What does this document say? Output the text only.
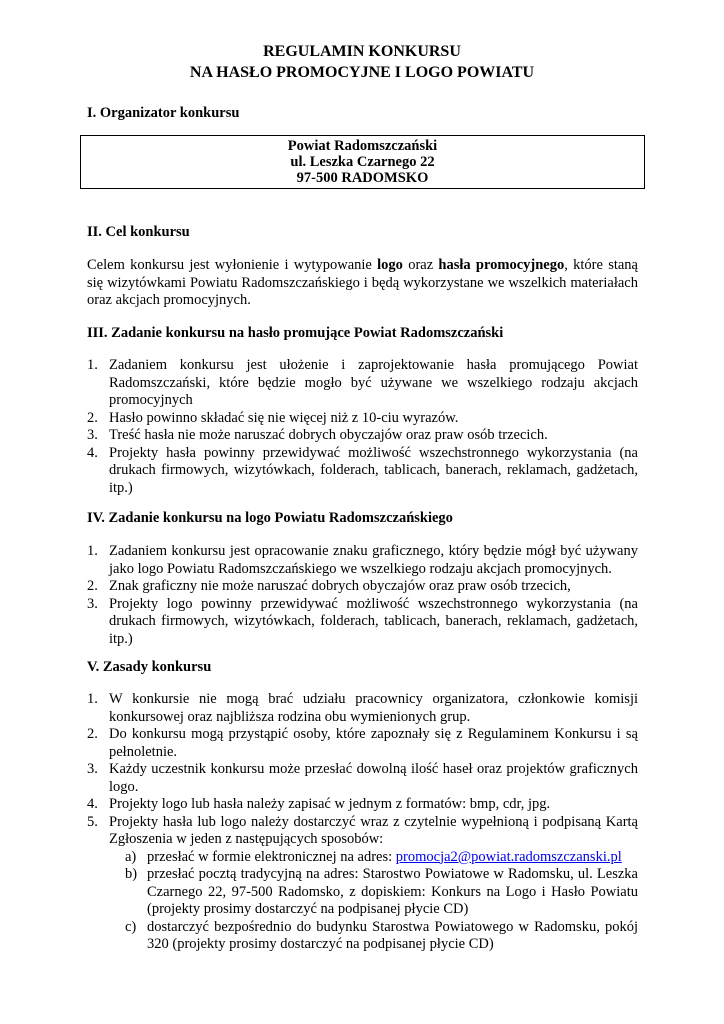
REGULAMIN KONKURSU
NA HASŁO PROMOCYJNE I LOGO POWIATU
I. Organizator konkursu
Powiat Radomszczański
ul. Leszka Czarnego 22
97-500 RADOMSKO
II. Cel konkursu
Celem konkursu jest wyłonienie i wytypowanie logo oraz hasła promocyjnego, które staną się wizytówkami Powiatu Radomszczańskiego i będą wykorzystane we wszelkich materiałach oraz akcjach promocyjnych.
III. Zadanie konkursu na hasło promujące Powiat Radomszczański
1. Zadaniem konkursu jest ułożenie i zaprojektowanie hasła promującego Powiat Radomszczański, które będzie mogło być używane we wszelkiego rodzaju akcjach promocyjnych
2. Hasło powinno składać się nie więcej niż z 10-ciu wyrazów.
3. Treść hasła nie może naruszać dobrych obyczajów oraz praw osób trzecich.
4. Projekty hasła powinny przewidywać możliwość wszechstronnego wykorzystania (na drukach firmowych, wizytówkach, folderach, tablicach, banerach, reklamach, gadżetach, itp.)
IV. Zadanie konkursu na logo Powiatu Radomszczańskiego
1. Zadaniem konkursu jest opracowanie znaku graficznego, który będzie mógł być używany jako logo Powiatu Radomszczańskiego we wszelkiego rodzaju akcjach promocyjnych.
2. Znak graficzny nie może naruszać dobrych obyczajów oraz praw osób trzecich,
3. Projekty logo powinny przewidywać możliwość wszechstronnego wykorzystania (na drukach firmowych, wizytówkach, folderach, tablicach, banerach, reklamach, gadżetach, itp.)
V. Zasady konkursu
1. W konkursie nie mogą brać udziału pracownicy organizatora, członkowie komisji konkursowej oraz najbliższa rodzina obu wymienionych grup.
2. Do konkursu mogą przystąpić osoby, które zapoznały się z Regulaminem Konkursu i są pełnoletnie.
3. Każdy uczestnik konkursu może przesłać dowolną ilość haseł oraz projektów graficznych logo.
4. Projekty logo lub hasła należy zapisać w jednym z formatów: bmp, cdr, jpg.
5. Projekty hasła lub logo należy dostarczyć wraz z czytelnie wypełnioną i podpisaną Kartą Zgłoszenia w jeden z następujących sposobów:
a) przesłać w formie elektronicznej na adres: promocja2@powiat.radomszczanski.pl
b) przesłać pocztą tradycyjną na adres: Starostwo Powiatowe w Radomsku, ul. Leszka Czarnego 22, 97-500 Radomsko, z dopiskiem: Konkurs na Logo i Hasło Powiatu (projekty prosimy dostarczyć na podpisanej płycie CD)
c) dostarczyć bezpośrednio do budynku Starostwa Powiatowego w Radomsku, pokój 320 (projekty prosimy dostarczyć na podpisanej płycie CD)
